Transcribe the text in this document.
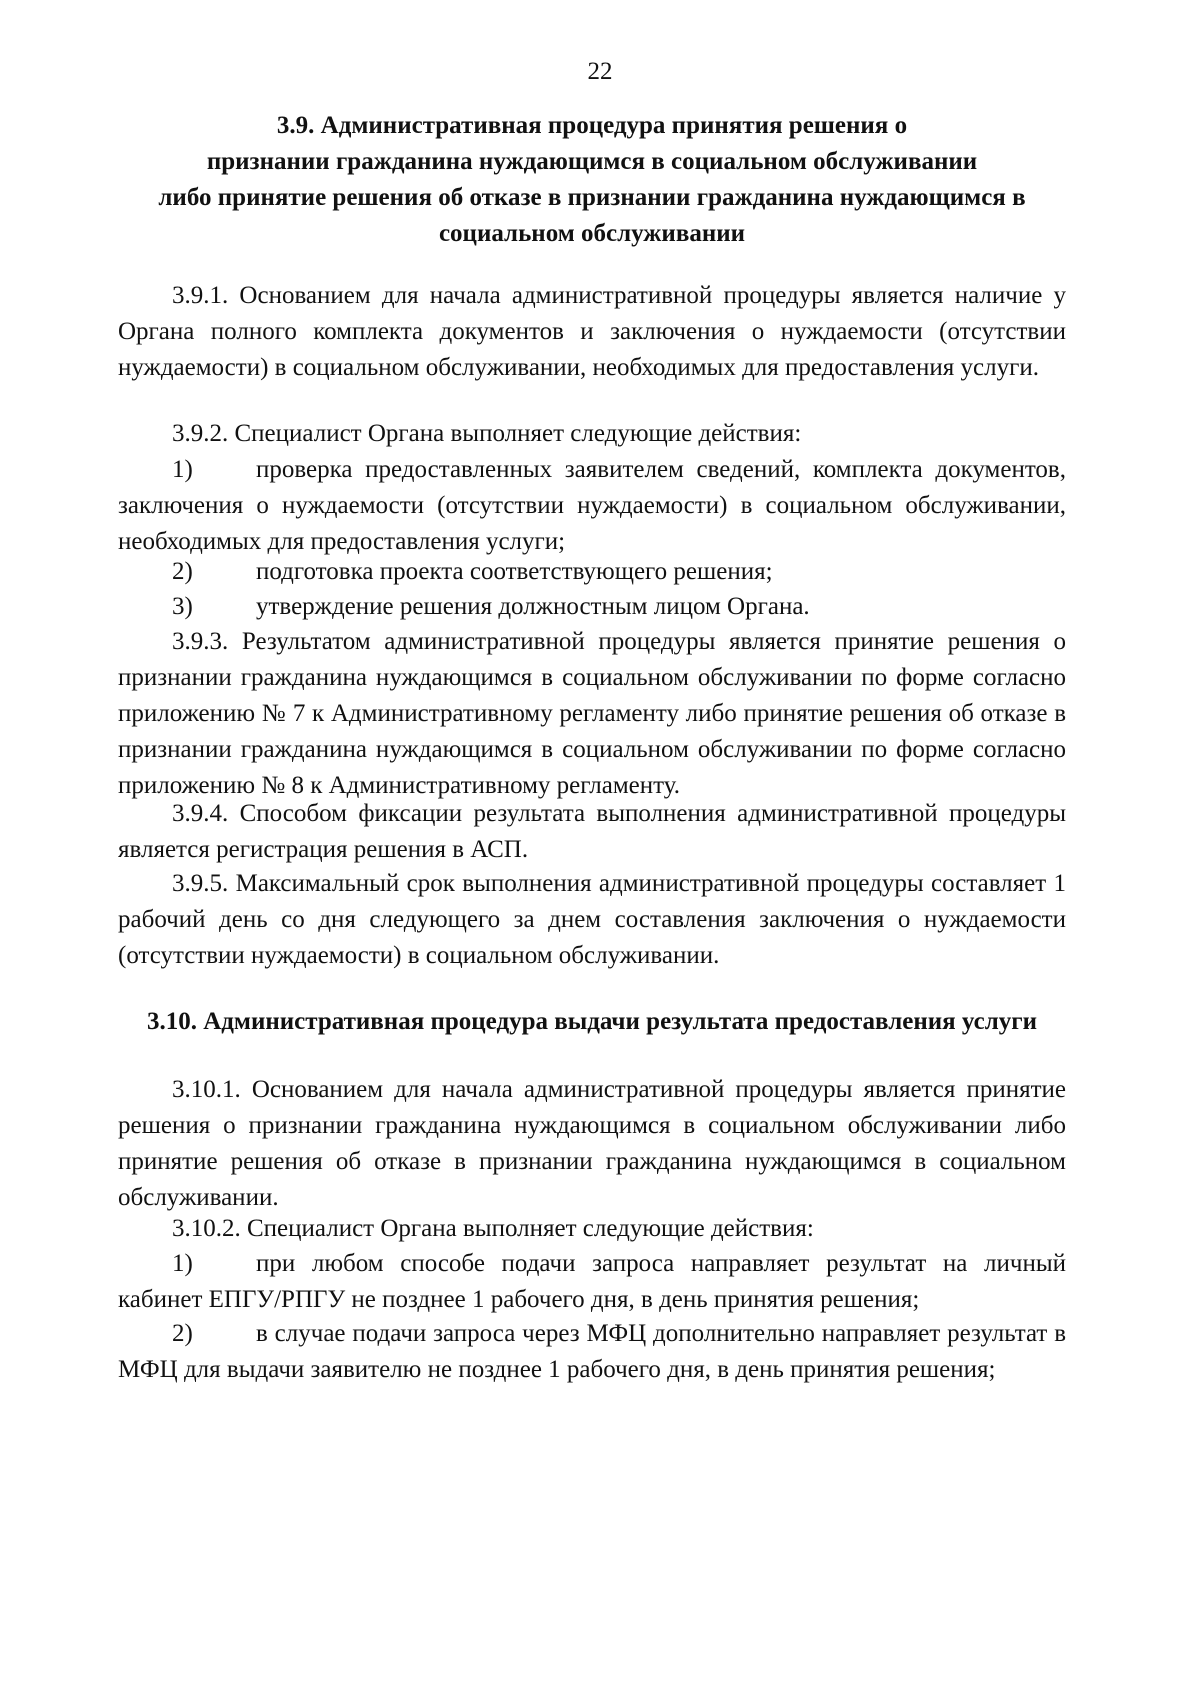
22
3.9. Административная процедура принятия решения о
признании гражданина нуждающимся в социальном обслуживании
либо принятие решения об отказе в признании гражданина нуждающимся в
социальном обслуживании

3.9.1. Основанием для начала административной процедуры является наличие у Органа полного комплекта документов и заключения о нуждаемости (отсутствии нуждаемости) в социальном обслуживании, необходимых для предоставления услуги.

3.9.2. Специалист Органа выполняет следующие действия:

1)	проверка предоставленных заявителем сведений, комплекта документов, заключения о нуждаемости (отсутствии нуждаемости) в социальном обслуживании, необходимых для предоставления услуги;

2)	подготовка проекта соответствующего решения;

3)	утверждение решения должностным лицом Органа.

3.9.3. Результатом административной процедуры является принятие решения о признании гражданина нуждающимся в социальном обслуживании по форме согласно приложению № 7 к Административному регламенту либо принятие решения об отказе в признании гражданина нуждающимся в социальном обслуживании по форме согласно приложению № 8 к Административному регламенту.

3.9.4. Способом фиксации результата выполнения административной процедуры является регистрация решения в АСП.

3.9.5. Максимальный срок выполнения административной процедуры составляет 1 рабочий день со дня следующего за днем составления заключения о нуждаемости (отсутствии нуждаемости) в социальном обслуживании.

3.10. Административная процедура выдачи результата предоставления услуги

3.10.1. Основанием для начала административной процедуры является принятие решения о признании гражданина нуждающимся в социальном обслуживании либо принятие решения об отказе в признании гражданина нуждающимся в социальном обслуживании.

3.10.2. Специалист Органа выполняет следующие действия:

1)	при любом способе подачи запроса направляет результат на личный кабинет ЕПГУ/РПГУ не позднее 1 рабочего дня, в день принятия решения;

2)	в случае подачи запроса через МФЦ дополнительно направляет результат в МФЦ для выдачи заявителю не позднее 1 рабочего дня, в день принятия решения;
